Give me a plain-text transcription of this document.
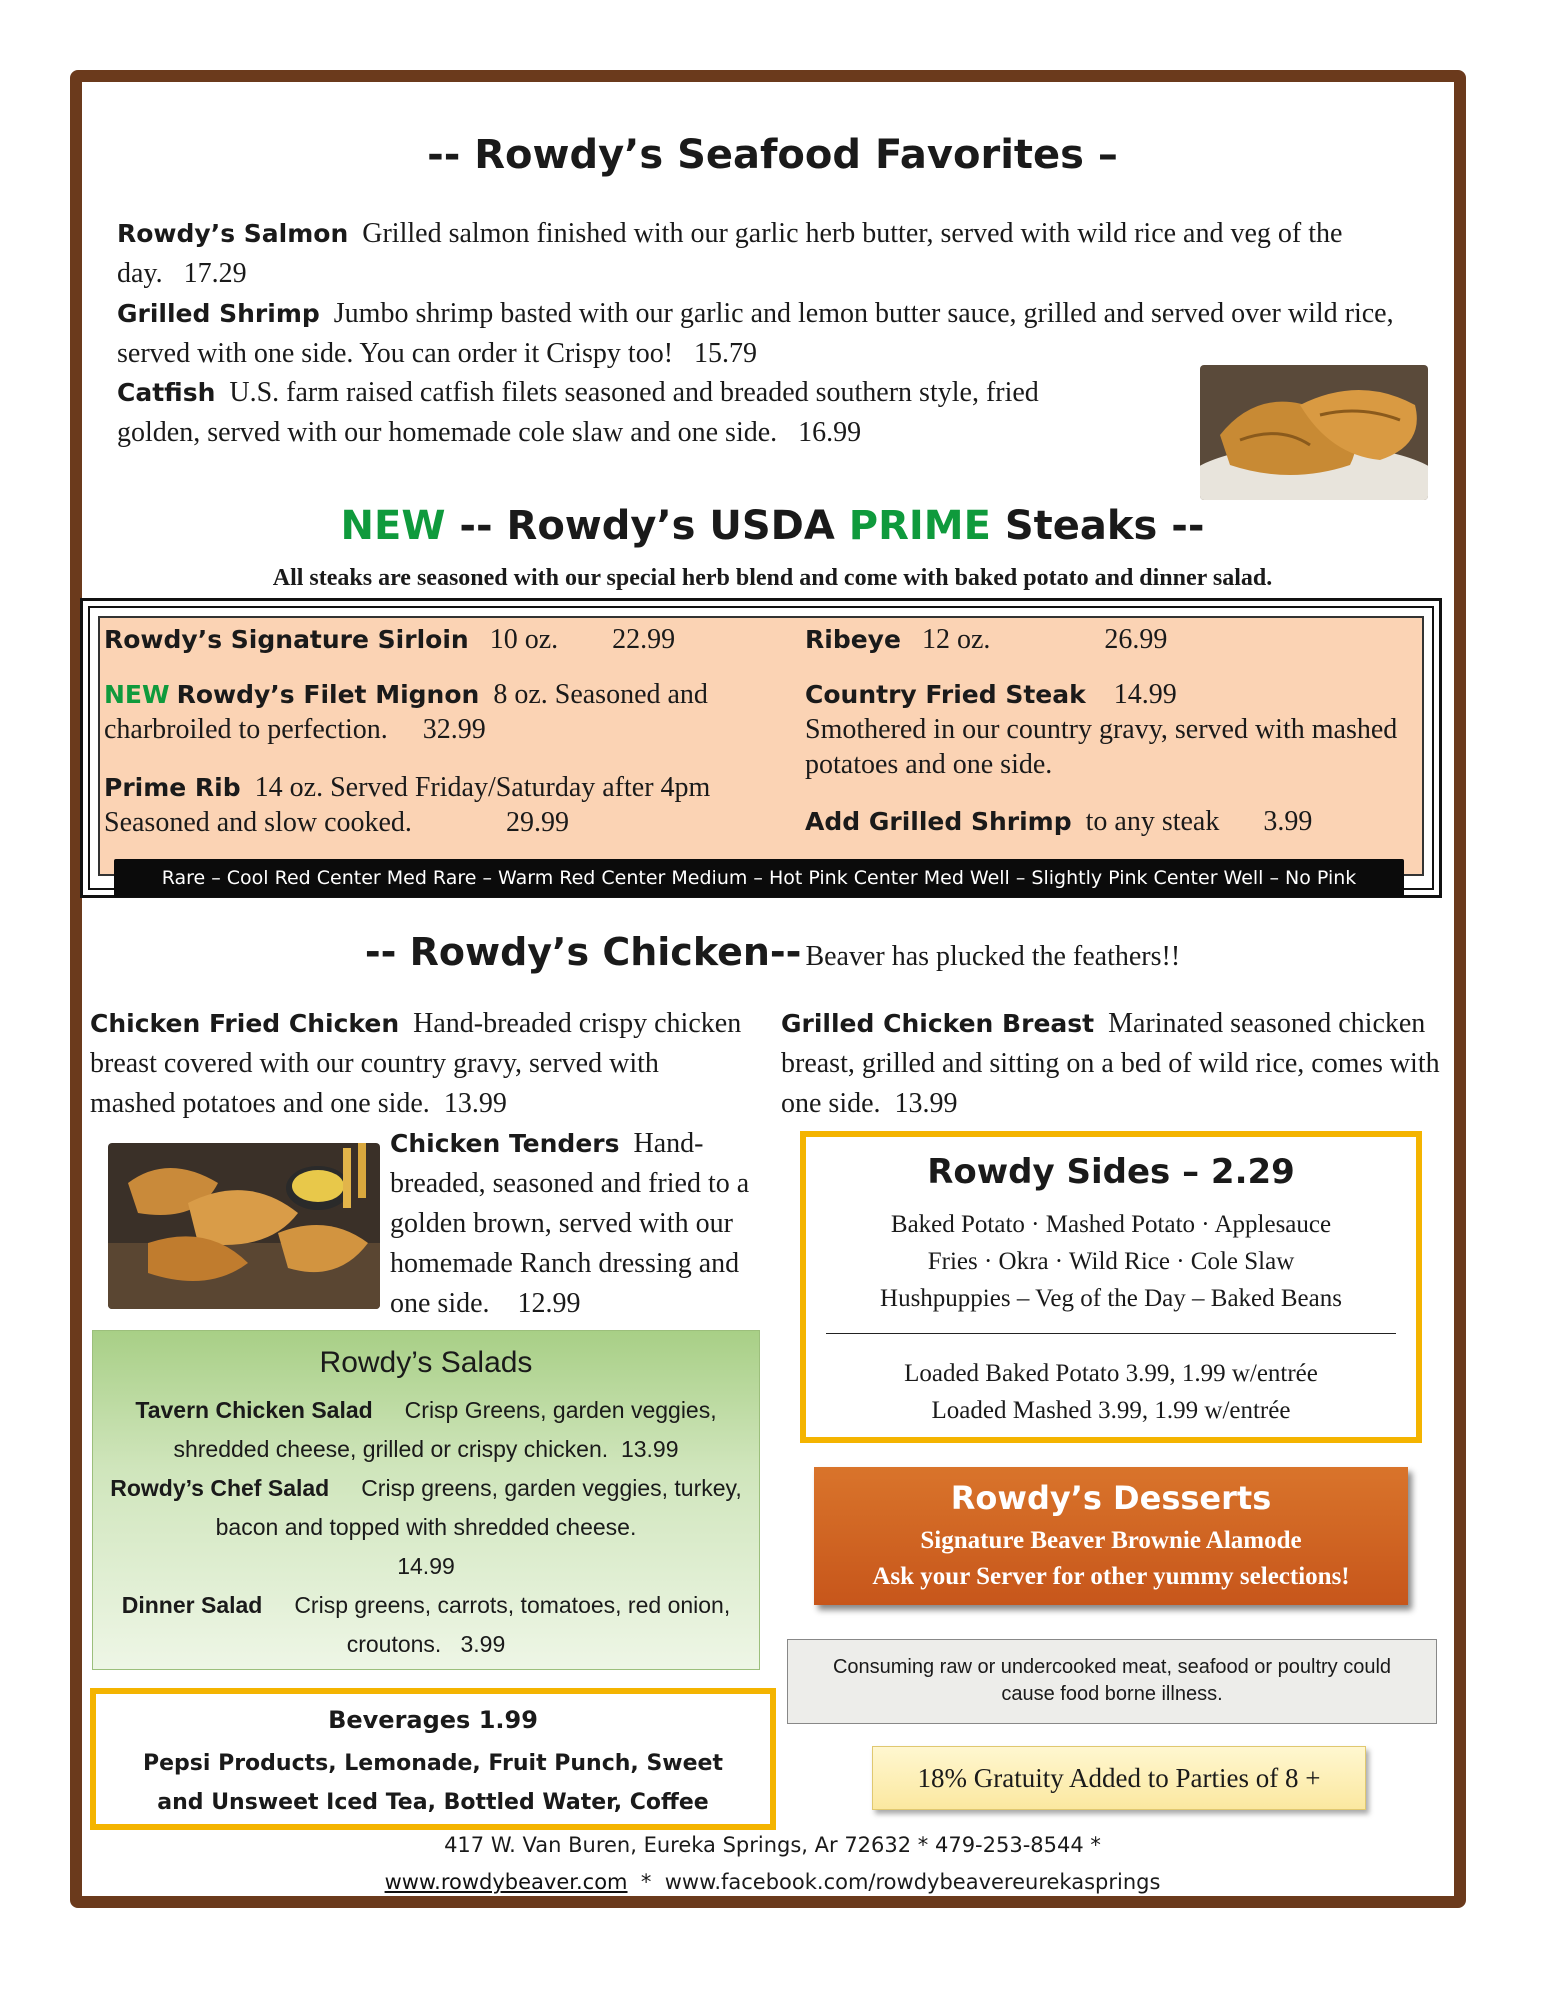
-- Rowdy’s Seafood Favorites –
Rowdy’s Salmon Grilled salmon finished with our garlic herb butter, served with wild rice and veg of the day. 17.29
Grilled Shrimp Jumbo shrimp basted with our garlic and lemon butter sauce, grilled and served over wild rice, served with one side. You can order it Crispy too! 15.79
Catfish U.S. farm raised catfish filets seasoned and breaded southern style, fried golden, served with our homemade cole slaw and one side. 16.99
NEW -- Rowdy’s USDA PRIME Steaks --
All steaks are seasoned with our special herb blend and come with baked potato and dinner salad.
Rowdy’s Signature Sirloin 10 oz. 22.99
NEW Rowdy’s Filet Mignon 8 oz. Seasoned and charbroiled to perfection. 32.99
Prime Rib 14 oz. Served Friday/Saturday after 4pm Seasoned and slow cooked.	29.99
Ribeye 12 oz.	26.99
Country Fried Steak 14.99
Smothered in our country gravy, served with mashed potatoes and one side.
Add Grilled Shrimp to any steak 3.99
Rare – Cool Red Center Med Rare – Warm Red Center Medium – Hot Pink Center Med Well – Slightly Pink Center Well – No Pink
-- Rowdy’s Chicken-- Beaver has plucked the feathers!!
Chicken Fried Chicken Hand-breaded crispy chicken breast covered with our country gravy, served with mashed potatoes and one side. 13.99
Chicken Tenders Hand-breaded, seasoned and fried to a golden brown, served with our homemade Ranch dressing and one side. 12.99
Grilled Chicken Breast Marinated seasoned chicken breast, grilled and sitting on a bed of wild rice, comes with one side. 13.99
Rowdy Sides – 2.29
Baked Potato · Mashed Potato · Applesauce
Fries · Okra · Wild Rice · Cole Slaw
Hushpuppies – Veg of the Day – Baked Beans
Loaded Baked Potato 3.99, 1.99 w/entrée
Loaded Mashed 3.99, 1.99 w/entrée
Rowdy’s Salads
Tavern Chicken Salad Crisp Greens, garden veggies, shredded cheese, grilled or crispy chicken. 13.99
Rowdy’s Chef Salad Crisp greens, garden veggies, turkey, bacon and topped with shredded cheese.
14.99
Dinner Salad Crisp greens, carrots, tomatoes, red onion, croutons. 3.99
Beverages 1.99
Pepsi Products, Lemonade, Fruit Punch, Sweet and Unsweet Iced Tea, Bottled Water, Coffee
Rowdy’s Desserts
Signature Beaver Brownie Alamode
Ask your Server for other yummy selections!
Consuming raw or undercooked meat, seafood or poultry could cause food borne illness.
18% Gratuity Added to Parties of 8 +
417 W. Van Buren, Eureka Springs, Ar 72632 * 479-253-8544 *
www.rowdybeaver.com  *  www.facebook.com/rowdybeavereurekasprings
